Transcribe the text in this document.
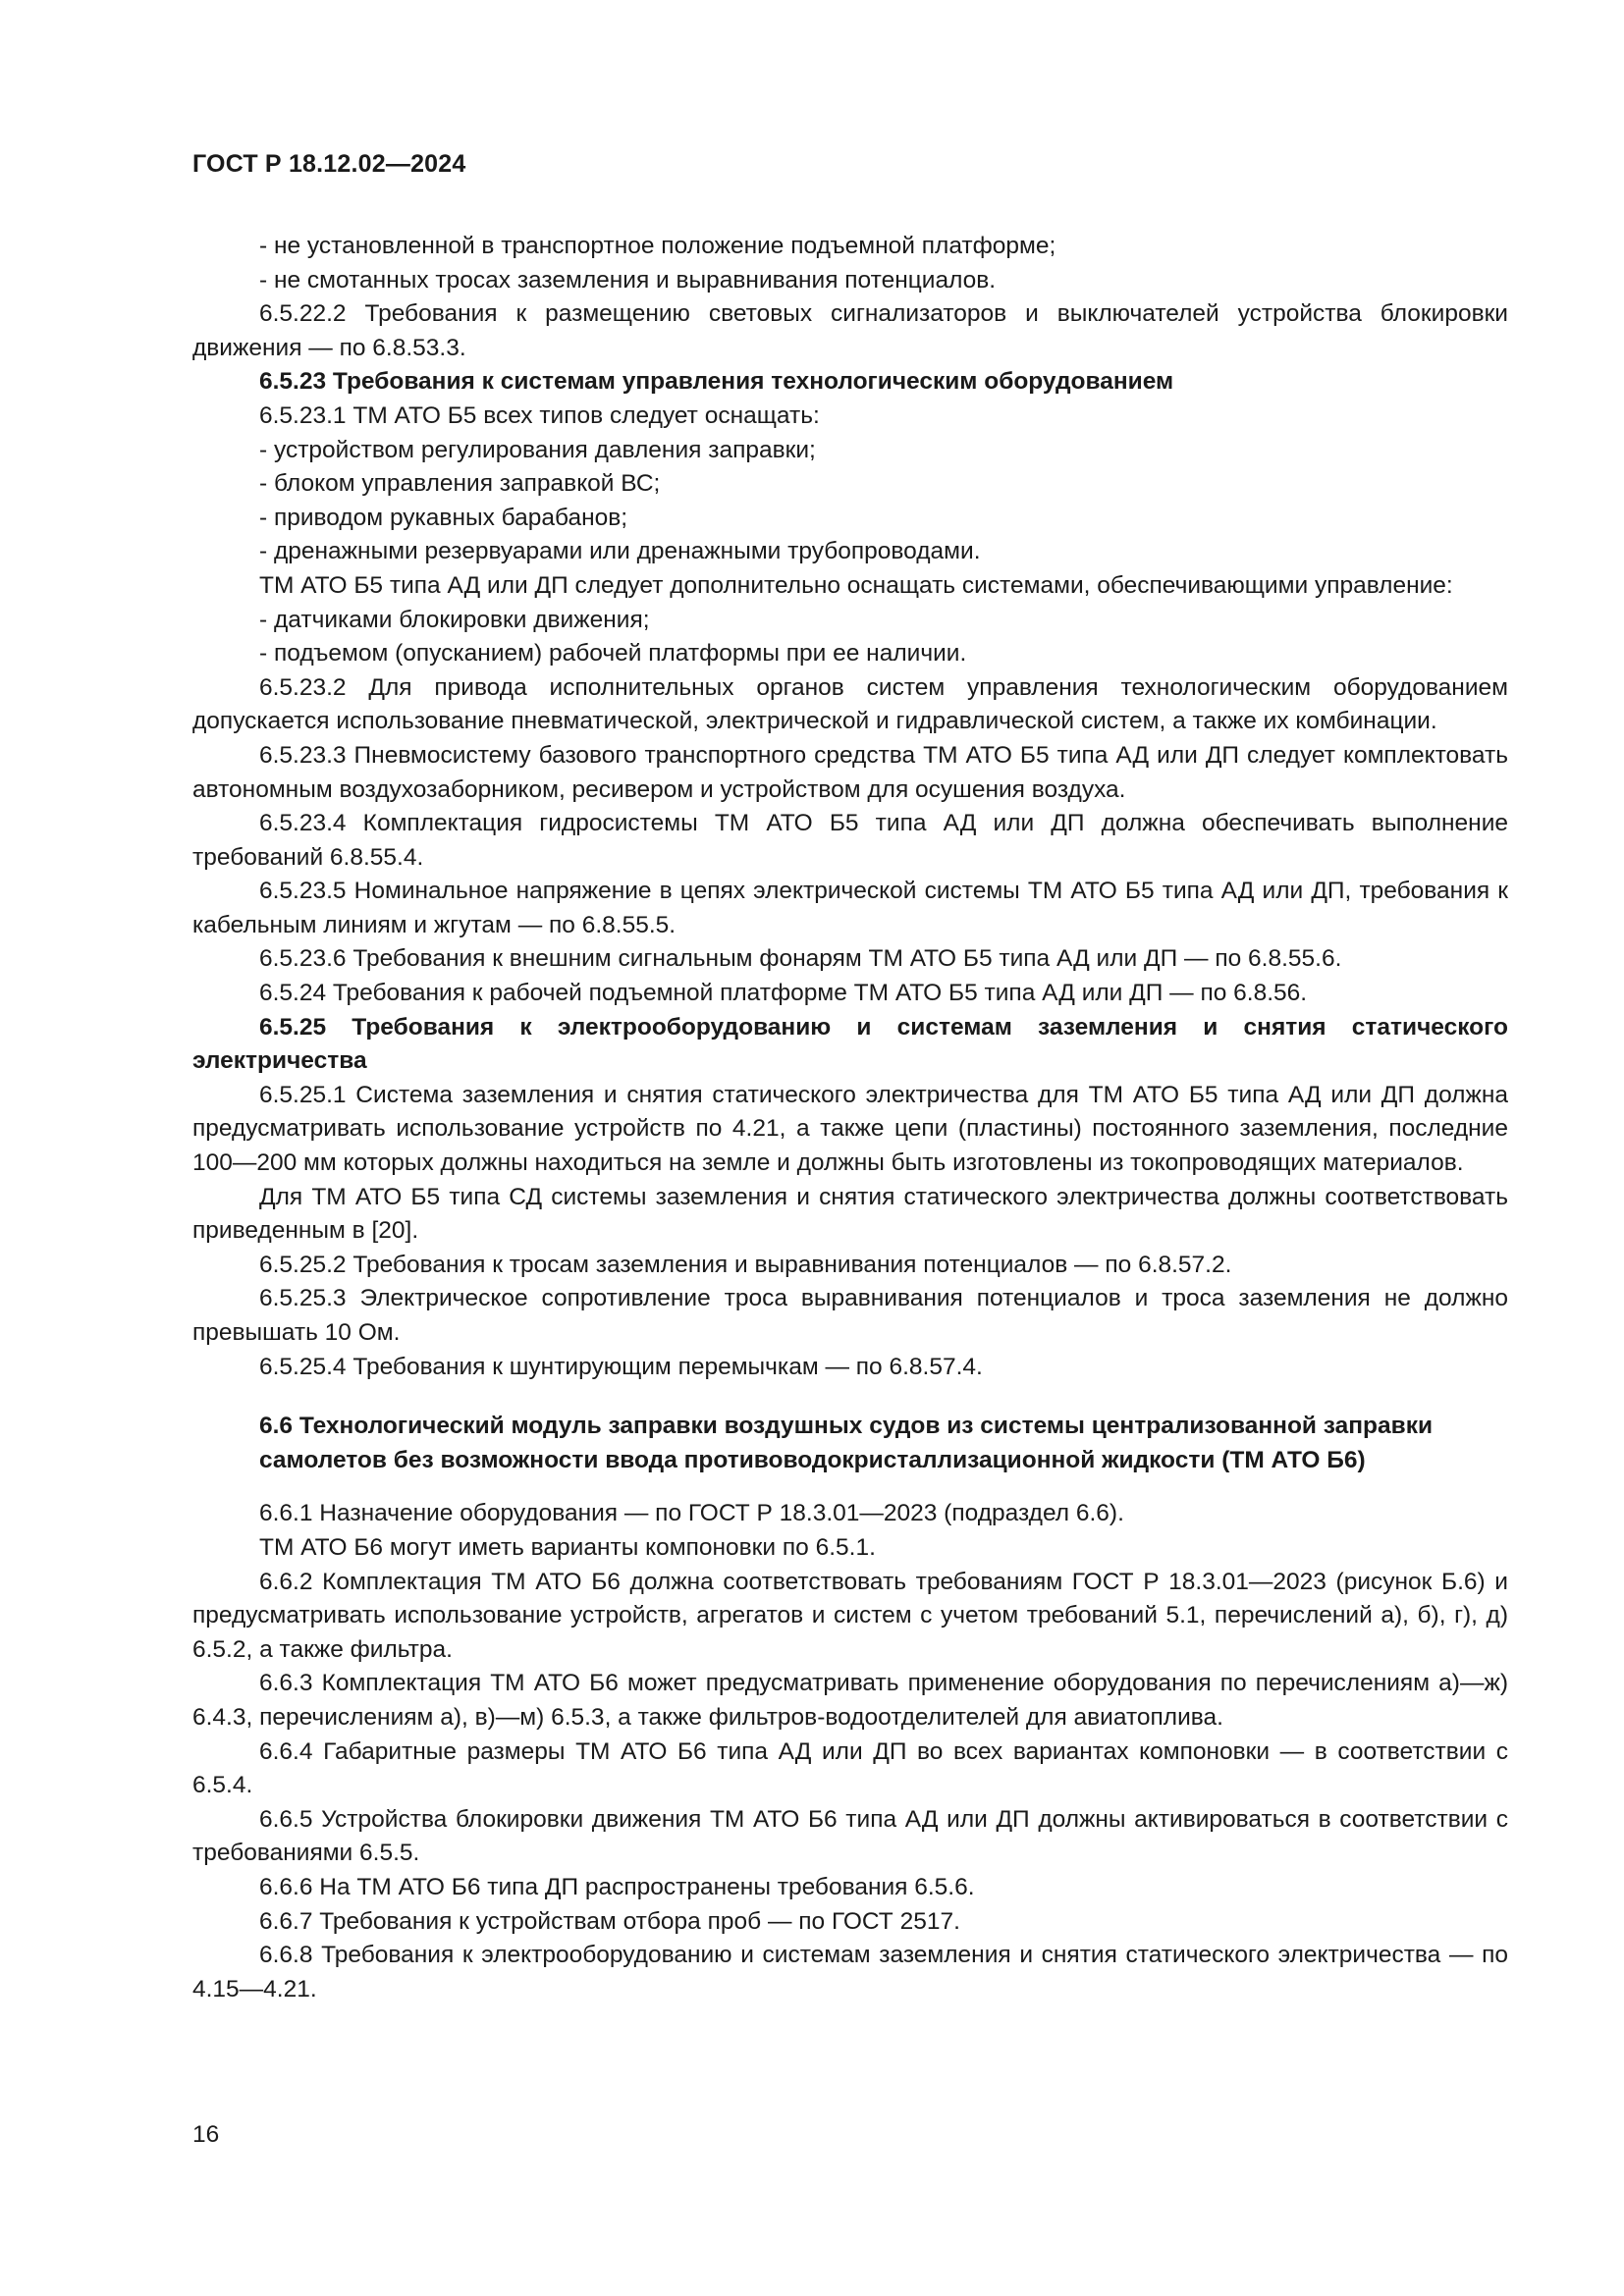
ГОСТ Р 18.12.02—2024

- не установленной в транспортное положение подъемной платформе;

- не смотанных тросах заземления и выравнивания потенциалов.

6.5.22.2 Требования к размещению световых сигнализаторов и выключателей устройства блокировки движения — по 6.8.53.3.

6.5.23 Требования к системам управления технологическим оборудованием

6.5.23.1 ТМ АТО Б5 всех типов следует оснащать:

- устройством регулирования давления заправки;

- блоком управления заправкой ВС;

- приводом рукавных барабанов;

- дренажными резервуарами или дренажными трубопроводами.

ТМ АТО Б5 типа АД или ДП следует дополнительно оснащать системами, обеспечивающими управление:

- датчиками блокировки движения;

- подъемом (опусканием) рабочей платформы при ее наличии.

6.5.23.2 Для привода исполнительных органов систем управления технологическим оборудованием допускается использование пневматической, электрической и гидравлической систем, а также их комбинации.

6.5.23.3 Пневмосистему базового транспортного средства ТМ АТО Б5 типа АД или ДП следует комплектовать автономным воздухозаборником, ресивером и устройством для осушения воздуха.

6.5.23.4 Комплектация гидросистемы ТМ АТО Б5 типа АД или ДП должна обеспечивать выполнение требований 6.8.55.4.

6.5.23.5 Номинальное напряжение в цепях электрической системы ТМ АТО Б5 типа АД или ДП, требования к кабельным линиям и жгутам — по 6.8.55.5.

6.5.23.6 Требования к внешним сигнальным фонарям ТМ АТО Б5 типа АД или ДП — по 6.8.55.6.

6.5.24 Требования к рабочей подъемной платформе ТМ АТО Б5 типа АД или ДП — по 6.8.56.

6.5.25 Требования к электрооборудованию и системам заземления и снятия статического электричества

6.5.25.1 Система заземления и снятия статического электричества для ТМ АТО Б5 типа АД или ДП должна предусматривать использование устройств по 4.21, а также цепи (пластины) постоянного заземления, последние 100—200 мм которых должны находиться на земле и должны быть изготовлены из токопроводящих материалов.

Для ТМ АТО Б5 типа СД системы заземления и снятия статического электричества должны соответствовать приведенным в [20].

6.5.25.2 Требования к тросам заземления и выравнивания потенциалов — по 6.8.57.2.

6.5.25.3 Электрическое сопротивление троса выравнивания потенциалов и троса заземления не должно превышать 10 Ом.

6.5.25.4 Требования к шунтирующим перемычкам — по 6.8.57.4.

6.6 Технологический модуль заправки воздушных судов из системы централизованной заправки самолетов без возможности ввода противоводокристаллизационной жидкости (ТМ АТО Б6)

6.6.1 Назначение оборудования — по ГОСТ Р 18.3.01—2023 (подраздел 6.6).

ТМ АТО Б6 могут иметь варианты компоновки по 6.5.1.

6.6.2 Комплектация ТМ АТО Б6 должна соответствовать требованиям ГОСТ Р 18.3.01—2023 (рисунок Б.6) и предусматривать использование устройств, агрегатов и систем с учетом требований 5.1, перечислений а), б), г), д) 6.5.2, а также фильтра.

6.6.3 Комплектация ТМ АТО Б6 может предусматривать применение оборудования по перечислениям а)—ж) 6.4.3, перечислениям а), в)—м) 6.5.3, а также фильтров-водоотделителей для авиатоплива.

6.6.4 Габаритные размеры ТМ АТО Б6 типа АД или ДП во всех вариантах компоновки — в соответствии с 6.5.4.

6.6.5 Устройства блокировки движения ТМ АТО Б6 типа АД или ДП должны активироваться в соответствии с требованиями 6.5.5.

6.6.6 На ТМ АТО Б6 типа ДП распространены требования 6.5.6.

6.6.7 Требования к устройствам отбора проб — по ГОСТ 2517.

6.6.8 Требования к электрооборудованию и системам заземления и снятия статического электричества — по 4.15—4.21.

16
